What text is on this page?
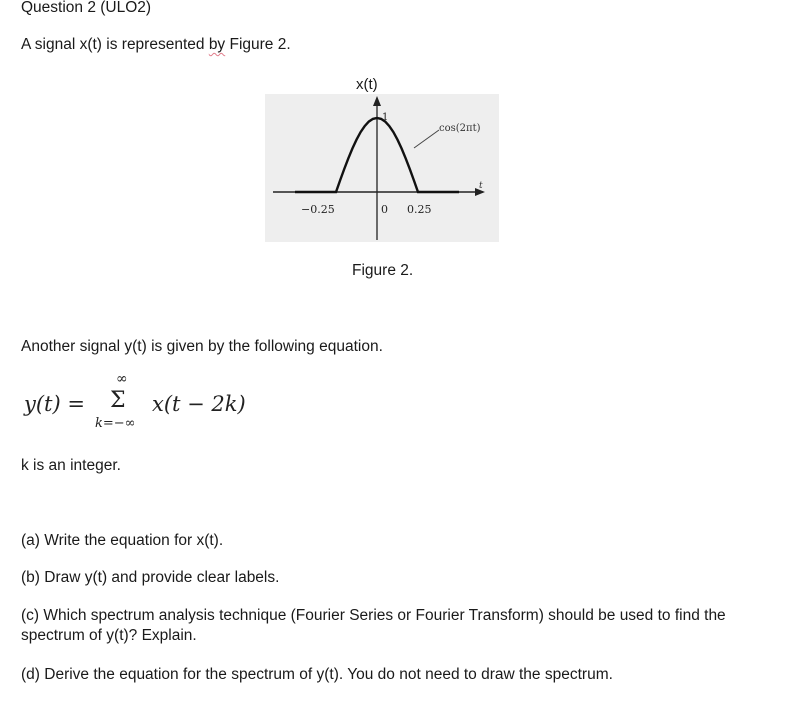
Question 2 (ULO2)
A signal x(t) is represented by Figure 2.
x(t)
cos(2πt)
t
1
−0.25	0 0.25
Figure 2.
Another signal y(t) is given by the following equation.
y(t) =
∞
Σ
k=−∞
x(t − 2k)
k is an integer.
(a) Write the equation for x(t).
(b) Draw y(t) and provide clear labels.
(c) Which spectrum analysis technique (Fourier Series or Fourier Transform) should be used to find the spectrum of y(t)? Explain.
(d) Derive the equation for the spectrum of y(t). You do not need to draw the spectrum.
